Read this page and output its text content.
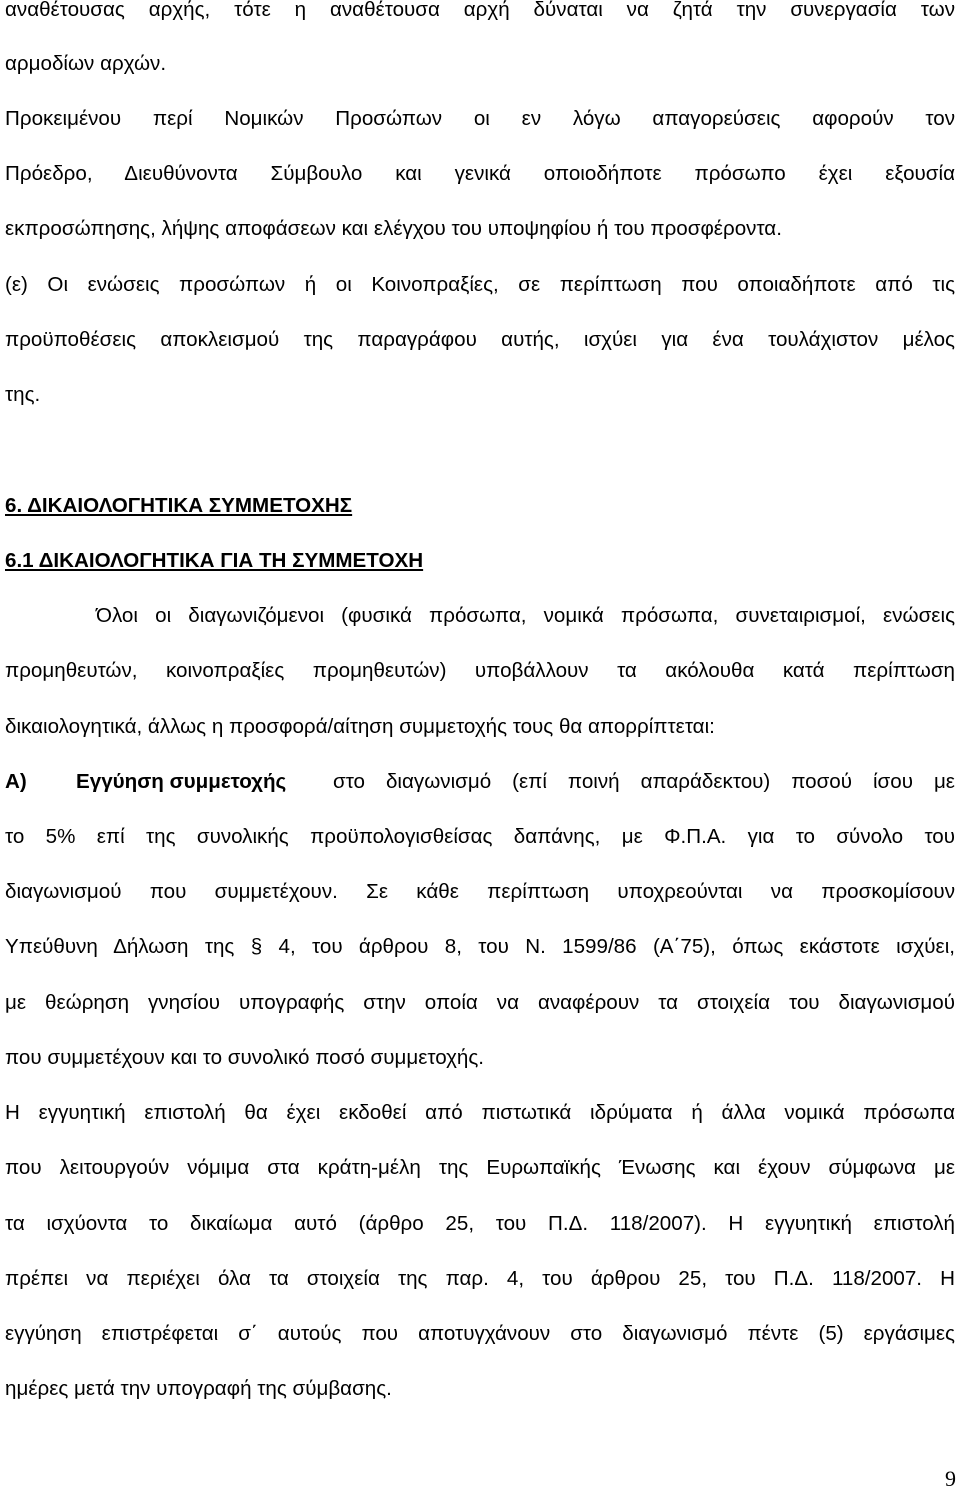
αναθέτουσας αρχής, τότε η αναθέτουσα αρχή δύναται να ζητά την συνεργασία των
αρμοδίων αρχών.
Προκειμένου περί Νομικών Προσώπων οι εν λόγω απαγορεύσεις αφορούν τον
Πρόεδρο, Διευθύνοντα Σύμβουλο και γενικά οποιοδήποτε πρόσωπο έχει εξουσία
εκπροσώπησης, λήψης αποφάσεων και ελέγχου του υποψηφίου ή του προσφέροντα.
(ε) Οι ενώσεις προσώπων ή οι Κοινοπραξίες, σε περίπτωση που οποιαδήποτε από τις
προϋποθέσεις αποκλεισμού της παραγράφου αυτής, ισχύει για ένα τουλάχιστον μέλος
της.
6. ΔΙΚΑΙΟΛΟΓΗΤΙΚΑ ΣΥΜΜΕΤΟΧΗΣ
6.1 ΔΙΚΑΙΟΛΟΓΗΤΙΚΑ ΓΙΑ ΤΗ ΣΥΜΜΕΤΟΧΗ
Όλοι οι διαγωνιζόμενοι (φυσικά πρόσωπα, νομικά πρόσωπα, συνεταιρισμοί, ενώσεις
προμηθευτών, κοινοπραξίες προμηθευτών) υποβάλλουν τα ακόλουθα κατά περίπτωση
δικαιολογητικά, άλλως η προσφορά/αίτηση συμμετοχής τους θα απορρίπτεται:
Α) Εγγύηση συμμετοχής στο διαγωνισμό (επί ποινή απαράδεκτου) ποσού ίσου με
το 5% επί της συνολικής προϋπολογισθείσας δαπάνης, με Φ.Π.Α. για το σύνολο του
διαγωνισμού που συμμετέχουν. Σε κάθε περίπτωση υποχρεούνται να προσκομίσουν
Υπεύθυνη Δήλωση της § 4, του άρθρου 8, του Ν. 1599/86 (Α΄75), όπως εκάστοτε ισχύει,
με θεώρηση γνησίου υπογραφής στην οποία να αναφέρουν τα στοιχεία του διαγωνισμού
που συμμετέχουν και το συνολικό ποσό συμμετοχής.
Η εγγυητική επιστολή θα έχει εκδοθεί από πιστωτικά ιδρύματα ή άλλα νομικά πρόσωπα
που λειτουργούν νόμιμα στα κράτη-μέλη της Ευρωπαϊκής Ένωσης και έχουν σύμφωνα με
τα ισχύοντα το δικαίωμα αυτό (άρθρο 25, του Π.Δ. 118/2007). Η εγγυητική επιστολή
πρέπει να περιέχει όλα τα στοιχεία της παρ. 4, του άρθρου 25, του Π.Δ. 118/2007. Η
εγγύηση επιστρέφεται σ΄ αυτούς που αποτυγχάνουν στο διαγωνισμό πέντε (5) εργάσιμες
ημέρες μετά την υπογραφή της σύμβασης.
9
